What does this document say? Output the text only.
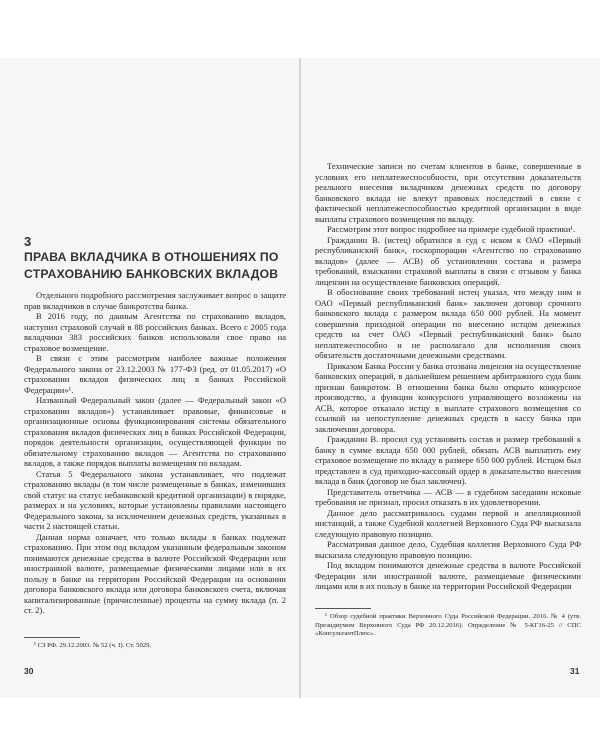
3
ПРАВА ВКЛАДЧИКА В ОТНОШЕНИЯХ ПО СТРАХОВАНИЮ БАНКОВСКИХ ВКЛАДОВ

Отдельного подробного рассмотрения заслуживает вопрос о защите прав вкладчиков в случае банкротства банка.

В 2016 году, по данным Агентства по страхованию вкладов, наступил страховой случай в 88 российских банках. Всего с 2005 года вкладчики 383 российских банков использовали свое право на страховое возмещение.

В связи с этим рассмотрим наиболее важные положения Федерального закона от 23.12.2003 № 177-ФЗ (ред. от 01.05.2017) «О страховании вкладов физических лиц в банках Российской Федерации»¹.

Названный Федеральный закон (далее — Федеральный закон «О страховании вкладов») устанавливает правовые, финансовые и организационные основы функционирования системы обязательного страхования вкладов физических лиц в банках Российской Федерации, порядок деятельности организации, осуществляющей функции по обязательному страхованию вкладов — Агентства по страхованию вкладов, а также порядок выплаты возмещения по вкладам.

Статья 5 Федерального закона устанавливает, что подлежат страхованию вклады (в том числе размещенные в банках, изменивших свой статус на статус небанковской кредитной организации) в порядке, размерах и на условиях, которые установлены правилами настоящего Федерального закона, за исключением денежных средств, указанных в части 2 настоящей статьи.

Данная норма означает, что только вклады в банках подлежат страхованию. При этом под вкладом указанным федеральным законом понимаются денежные средства в валюте Российской Федерации или иностранной валюте, размещаемые физическими лицами или в их пользу в банке на территории Российской Федерации на основании договора банковского вклада или договора банковского счета, включая капитализированные (причисленные) проценты на сумму вклада (п. 2 ст. 2).

¹ СЗ РФ. 29.12.2003. № 52 (ч. I). Ст. 5029.

30

Технические записи по счетам клиентов в банке, совершенные в условиях его неплатежеспособности, при отсутствии доказательств реального внесения вкладчиком денежных средств по договору банковского вклада не влекут правовых последствий в связи с фактической неплатежеспособностью кредитной организации в виде выплаты страхового возмещения по вкладу.

Рассмотрим этот вопрос подробнее на примере судебной практики¹.

Гражданин В. (истец) обратился в суд с иском к ОАО «Первый республиканский банк», госкорпорации «Агентство по страхованию вкладов» (далее — АСВ) об установлении состава и размера требований, взыскании страховой выплаты в связи с отзывом у банка лицензии на осуществление банковских операций.

В обоснование своих требований истец указал, что между ним и ОАО «Первый республиканский банк» заключен договор срочного банковского вклада с размером вклада 650 000 рублей. На момент совершения приходной операции по внесению истцом денежных средств на счет ОАО «Первый республиканский банк» было неплатежеспособно и не располагало для исполнения своих обязательств достаточными денежными средствами.

Приказом Банка России у банка отозвана лицензия на осуществление банковских операций, в дальнейшем решением арбитражного суда банк признан банкротом. В отношении банка было открыто конкурсное производство, а функции конкурсного управляющего возложены на АСВ, которое отказало истцу в выплате страхового возмещения со ссылкой на непоступление денежных средств в кассу банка при заключении договора.

Гражданин В. просил суд установить состав и размер требований к банку в сумме вклада 650 000 рублей, обязать АСВ выплатить ему страховое возмещение по вкладу в размере 650 000 рублей. Истцом был представлен в суд приходно-кассовый ордер в доказательство внесения вклада в банк (договор не был заключен).

Представитель ответчика — АСВ — в судебном заседании исковые требования не признал, просил отказать в их удовлетворении.

Данное дело рассматривалось судами первой и апелляционной инстанций, а также Судебной коллегией Верховного Суда РФ высказала следующую правовую позицию.

Рассматривая данное дело, Судебная коллегия Верховного Суда РФ высказала следующую правовую позицию.

Под вкладом понимаются денежные средства в валюте Российской Федерации или иностранной валюте, размещаемые физическими лицами или в их пользу в банке на территории Российской Федерации

¹ Обзор судебной практики Верховного Суда Российской Федерации. 2016. № 4 (утв. Президиумом Верховного Суда РФ 20.12.2016). Определение № 5-КГ16-25 // СПС «КонсультантПлюс».

31
